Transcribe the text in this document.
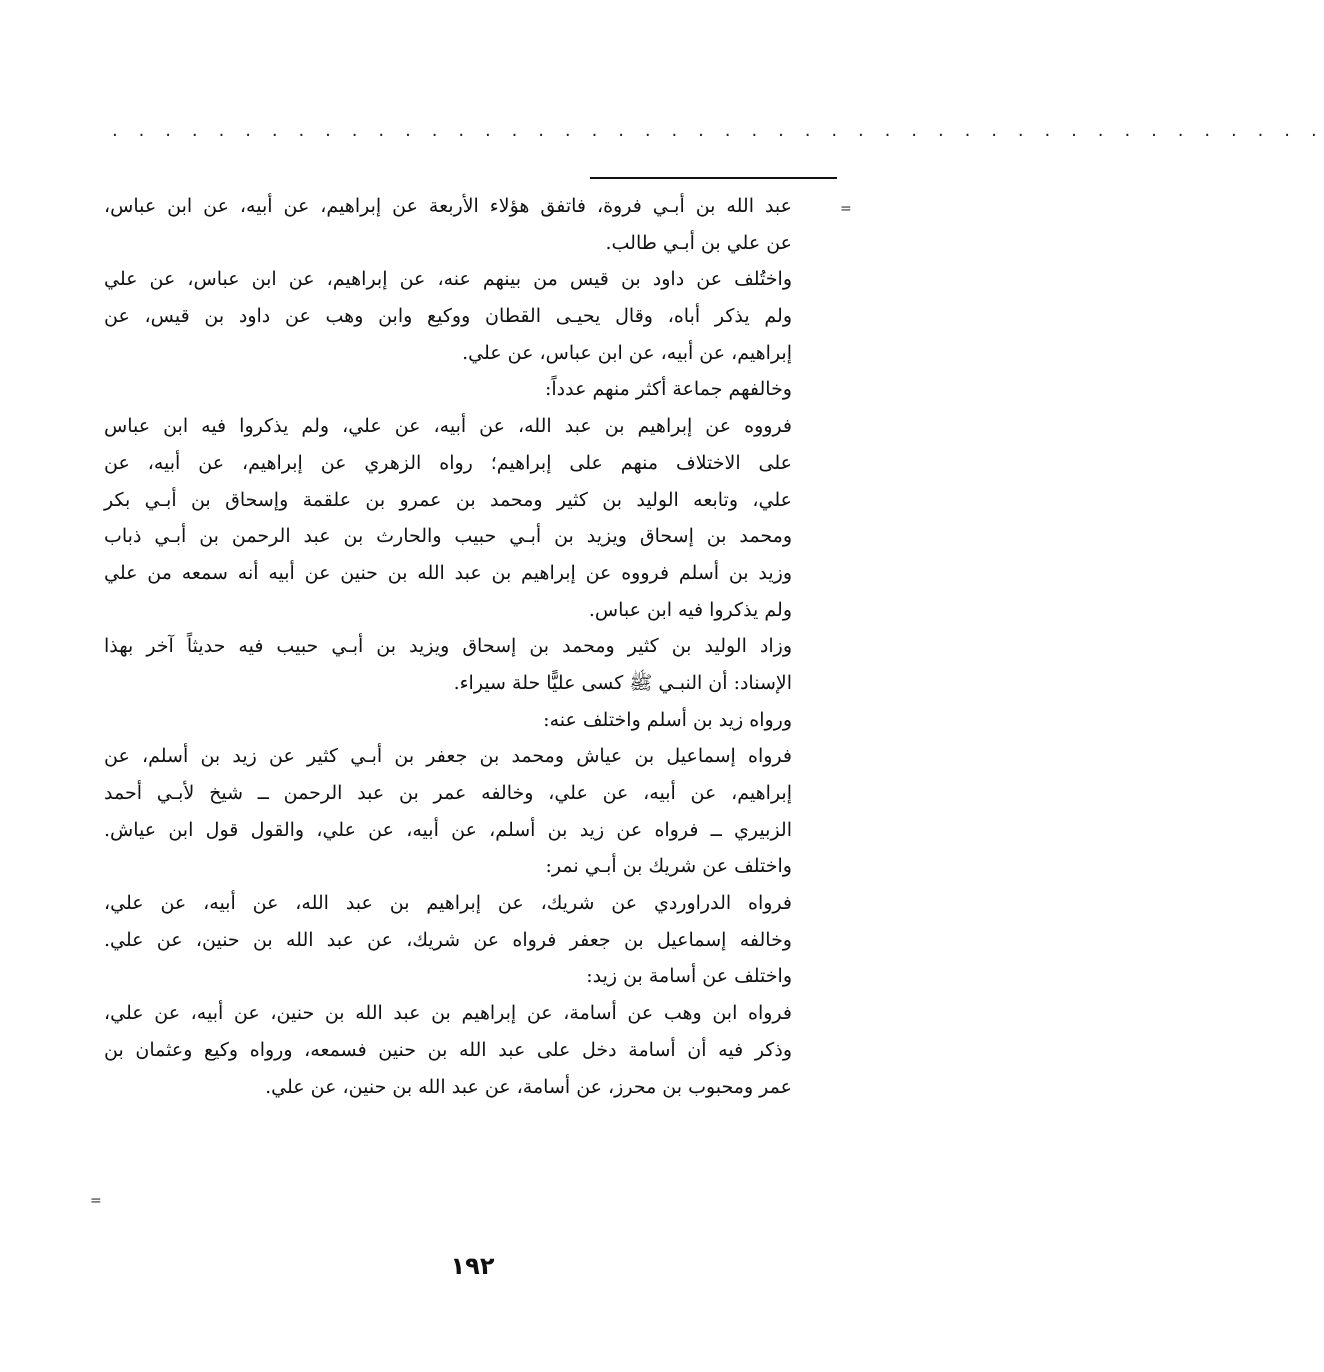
. . . . . . . . . . . . . . . . . . . . . . . . . . . . . . . . . . . . . . . . . . . . . .
=
=
عبد الله بن أبـي فروة، فاتفق هؤلاء الأربعة عن إبراهيم، عن أبيه، عن ابن عباس،
عن علي بن أبـي طالب.
واختُلف عن داود بن قيس من بينهم عنه، عن إبراهيم، عن ابن عباس، عن علي
ولم يذكر أباه، وقال يحيـى القطان ووكيع وابن وهب عن داود بن قيس، عن
إبراهيم، عن أبيه، عن ابن عباس، عن علي.
وخالفهم جماعة أكثر منهم عدداً:
فرووه عن إبراهيم بن عبد الله، عن أبيه، عن علي، ولم يذكروا فيه ابن عباس
على الاختلاف منهم على إبراهيم؛ رواه الزهري عن إبراهيم، عن أبيه، عن
علي، وتابعه الوليد بن كثير ومحمد بن عمرو بن علقمة وإسحاق بن أبـي بكر
ومحمد بن إسحاق ويزيد بن أبـي حبيب والحارث بن عبد الرحمن بن أبـي ذباب
وزيد بن أسلم فرووه عن إبراهيم بن عبد الله بن حنين عن أبيه أنه سمعه من علي
ولم يذكروا فيه ابن عباس.
وزاد الوليد بن كثير ومحمد بن إسحاق ويزيد بن أبـي حبيب فيه حديثاً آخر بهذا
الإسناد: أن النبـي ﷺ كسى عليًّا حلة سيراء.
ورواه زيد بن أسلم واختلف عنه:
فرواه إسماعيل بن عياش ومحمد بن جعفر بن أبـي كثير عن زيد بن أسلم، عن
إبراهيم، عن أبيه، عن علي، وخالفه عمر بن عبد الرحمن ــ شيخ لأبـي أحمد
الزبيري ــ فرواه عن زيد بن أسلم، عن أبيه، عن علي، والقول قول ابن عياش.
واختلف عن شريك بن أبـي نمر:
فرواه الدراوردي عن شريك، عن إبراهيم بن عبد الله، عن أبيه، عن علي،
وخالفه إسماعيل بن جعفر فرواه عن شريك، عن عبد الله بن حنين، عن علي.
واختلف عن أسامة بن زيد:
فرواه ابن وهب عن أسامة، عن إبراهيم بن عبد الله بن حنين، عن أبيه، عن علي،
وذكر فيه أن أسامة دخل على عبد الله بن حنين فسمعه، ورواه وكيع وعثمان بن
عمر ومحبوب بن محرز، عن أسامة، عن عبد الله بن حنين، عن علي.
١٩٢
